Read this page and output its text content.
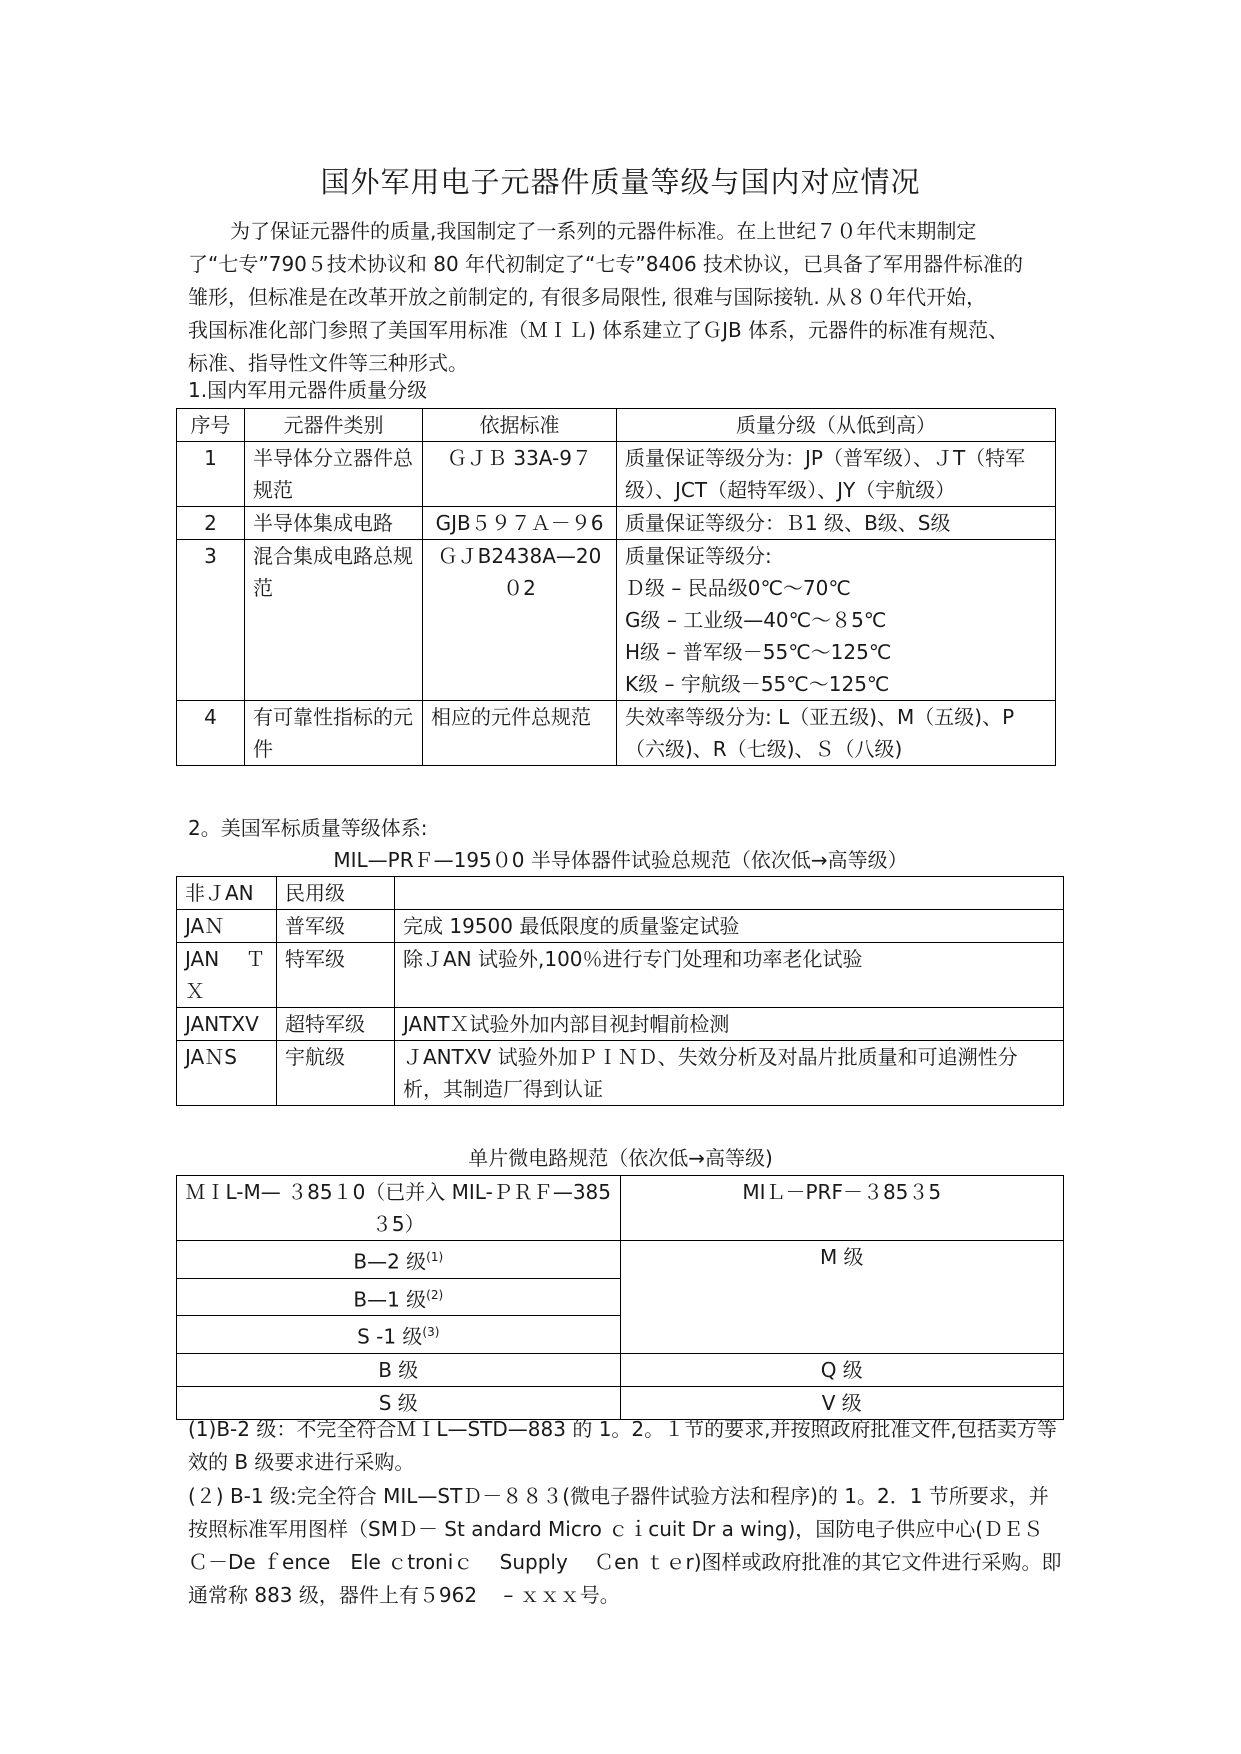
国外军用电子元器件质量等级与国内对应情况
为了保证元器件的质量,我国制定了一系列的元器件标准。在上世纪７０年代末期制定
了“七专”790５技术协议和 80 年代初制定了“七专”8406 技术协议，已具备了军用器件标准的
雏形，但标准是在改革开放之前制定的, 有很多局限性, 很难与国际接轨. 从８０年代开始，
我国标准化部门参照了美国军用标准（ＭＩＬ) 体系建立了ＧJB 体系，元器件的标准有规范、
标准、指导性文件等三种形式。
1.国内军用元器件质量分级
序号	元器件类别	依据标准	质量分级（从低到高）
1	半导体分立器件总规范	ＧＪＢ 33A-9７	质量保证等级分为：JP（普军级）、ＪT（特军级）、JCT（超特军级）、JY（宇航级）
2	半导体集成电路	GJB５９７Ａ－９6	质量保证等级分：Ｂ1 级、B级、S级
3	混合集成电路总规范	ＧＪB2438A—20０2	质量保证等级分:
Ｄ级 – 民品级0℃～70℃
G级 – 工业级—40℃～８5℃
H级 – 普军级－55℃～125℃
K级 – 宇航级－55℃～125℃

4	有可靠性指标的元件	相应的元件总规范	失效率等级分为: L（亚五级)、M（五级)、P（六级)、R（七级)、Ｓ（八级)
2。美国军标质量等级体系:
MIL—PRＦ—195０0 半导体器件试验总规范（依次低→高等级）
非ＪAN	民用级	
JAＮ	普军级	完成 19500 最低限度的质量鉴定试验
JAN　 Ｔ Ｘ	特军级	除ＪAN 试验外,100％进行专门处理和功率老化试验
JANTXV	超特军级	JANTＸ试验外加内部目视封帽前检测
JAＮS	宇航级	ＪANTXV 试验外加ＰＩＮＤ、失效分析及对晶片批质量和可追溯性分析，其制造厂得到认证
单片微电路规范（依次低→高等级)
ＭＩL-M— ３85１0（已并入 MIL-ＰＲＦ—385３5）	MIＬ－PRF－３85３5
B—2 级$^{(1)}$	M 级
B—1 级$^{(2)}$
S -1 级$^{(3)}$
B 级	Q 级
S 级	V 级
(1)B-2 级：不完全符合ＭＩL—STD—883 的 1。2。１节的要求,并按照政府批准文件,包括卖方等效的 B 级要求进行采购。
(２) B-1 级:完全符合 MIL—STＤ－８８３(微电子器件试验方法和程序)的 1。2．1 节所要求，并按照标准军用图样（SMＤ－ St andard Micro ｃｉcuit Dr a wing)，国防电子供应中心(ＤＥＳ Ｃ－De ｆence　Ele ｃtroniｃ　 Supply　 Ｃen ｔｅr)图样或政府批准的其它文件进行采购。即通常称 883 级，器件上有５962　 – ｘｘｘ号。
